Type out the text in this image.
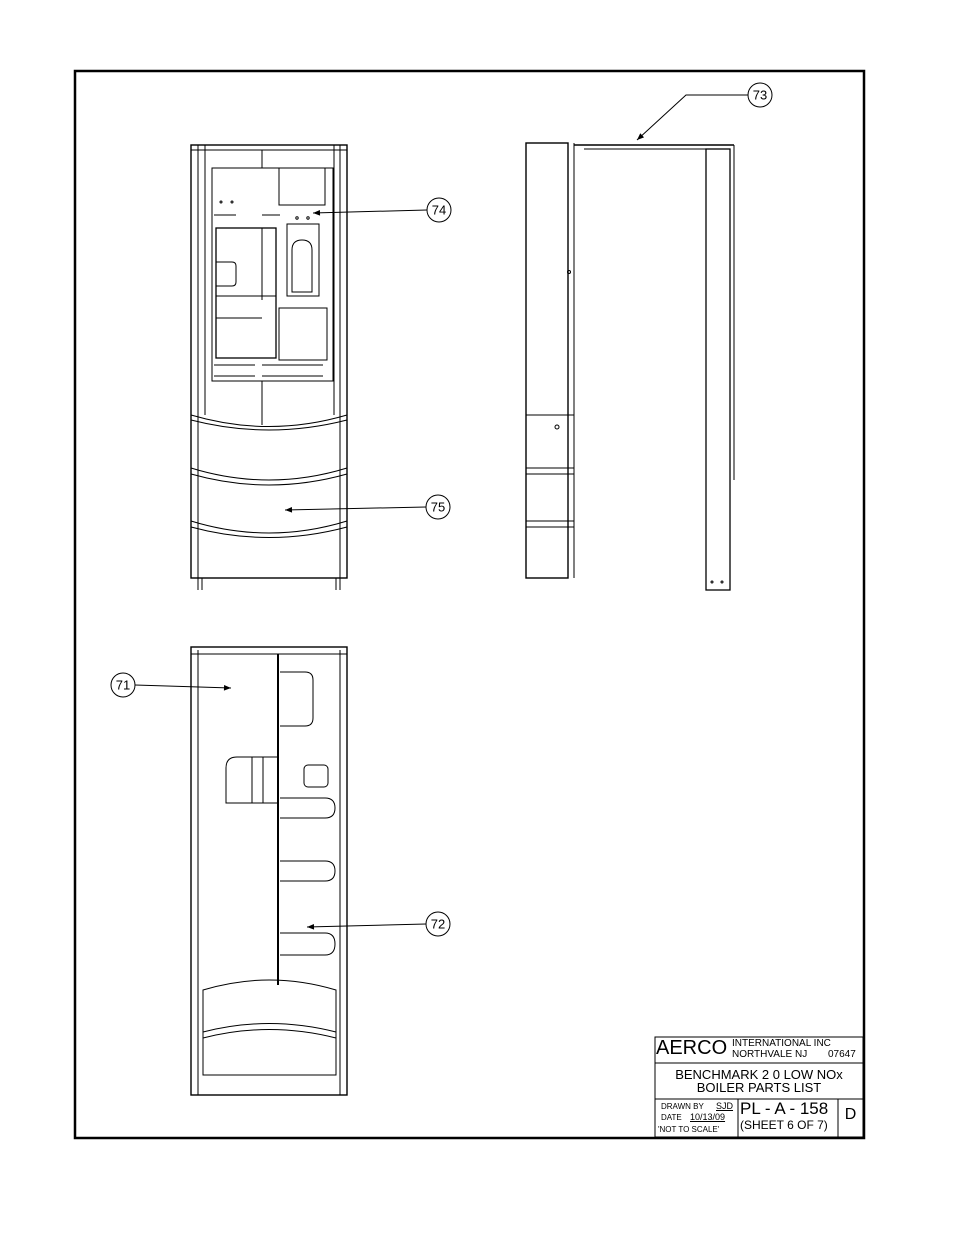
73
74
75
71
72
AERCO INTERNATIONAL INC
NORTHVALE NJ 07647
BENCHMARK 2 0 LOW NOx
BOILER PARTS LIST
DRAWN BY SJD
DATE 10/13/09
'NOT TO SCALE'
PL - A - 158
(SHEET 6 OF 7)
D
